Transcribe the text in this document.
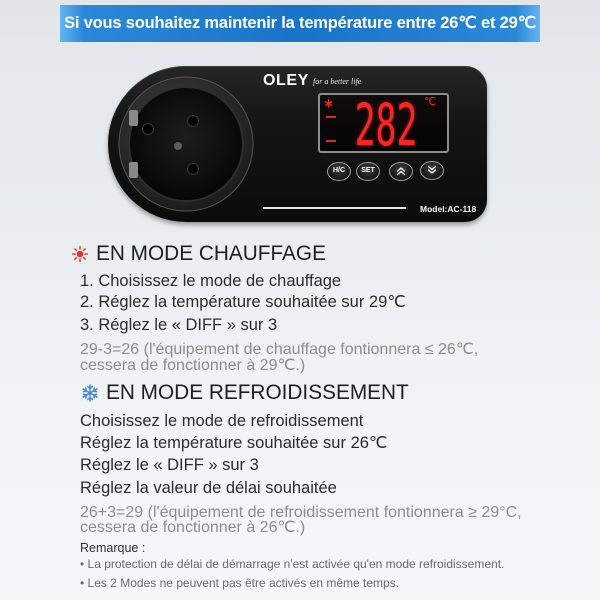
Si vous souhaitez maintenir la température entre 26℃ et 29℃
OLEY for a better life
282 ℃
H/C	SET
Model:AC-118
EN MODE CHAUFFAGE
1. Choisissez le mode de chauffage
2. Réglez la température souhaitée sur 29℃
3. Réglez le « DIFF » sur 3
29-3=26 (l'équipement de chauffage fontionnera ≤ 26℃,
cessera de fonctionner à 29℃.)
EN MODE REFROIDISSEMENT
Choisissez le mode de refroidissement
Réglez la température souhaitée sur 26℃
Réglez le « DIFF » sur 3
Réglez la valeur de délai souhaitée
26+3=29 (l'équipement de refroidissement fontionnera ≥ 29°C,
cessera de fonctionner à 26℃.)
Remarque :
• La protection de délai de démarrage n'est activée qu'en mode refroidissement.
• Les 2 Modes ne peuvent pas être activés en même temps.
